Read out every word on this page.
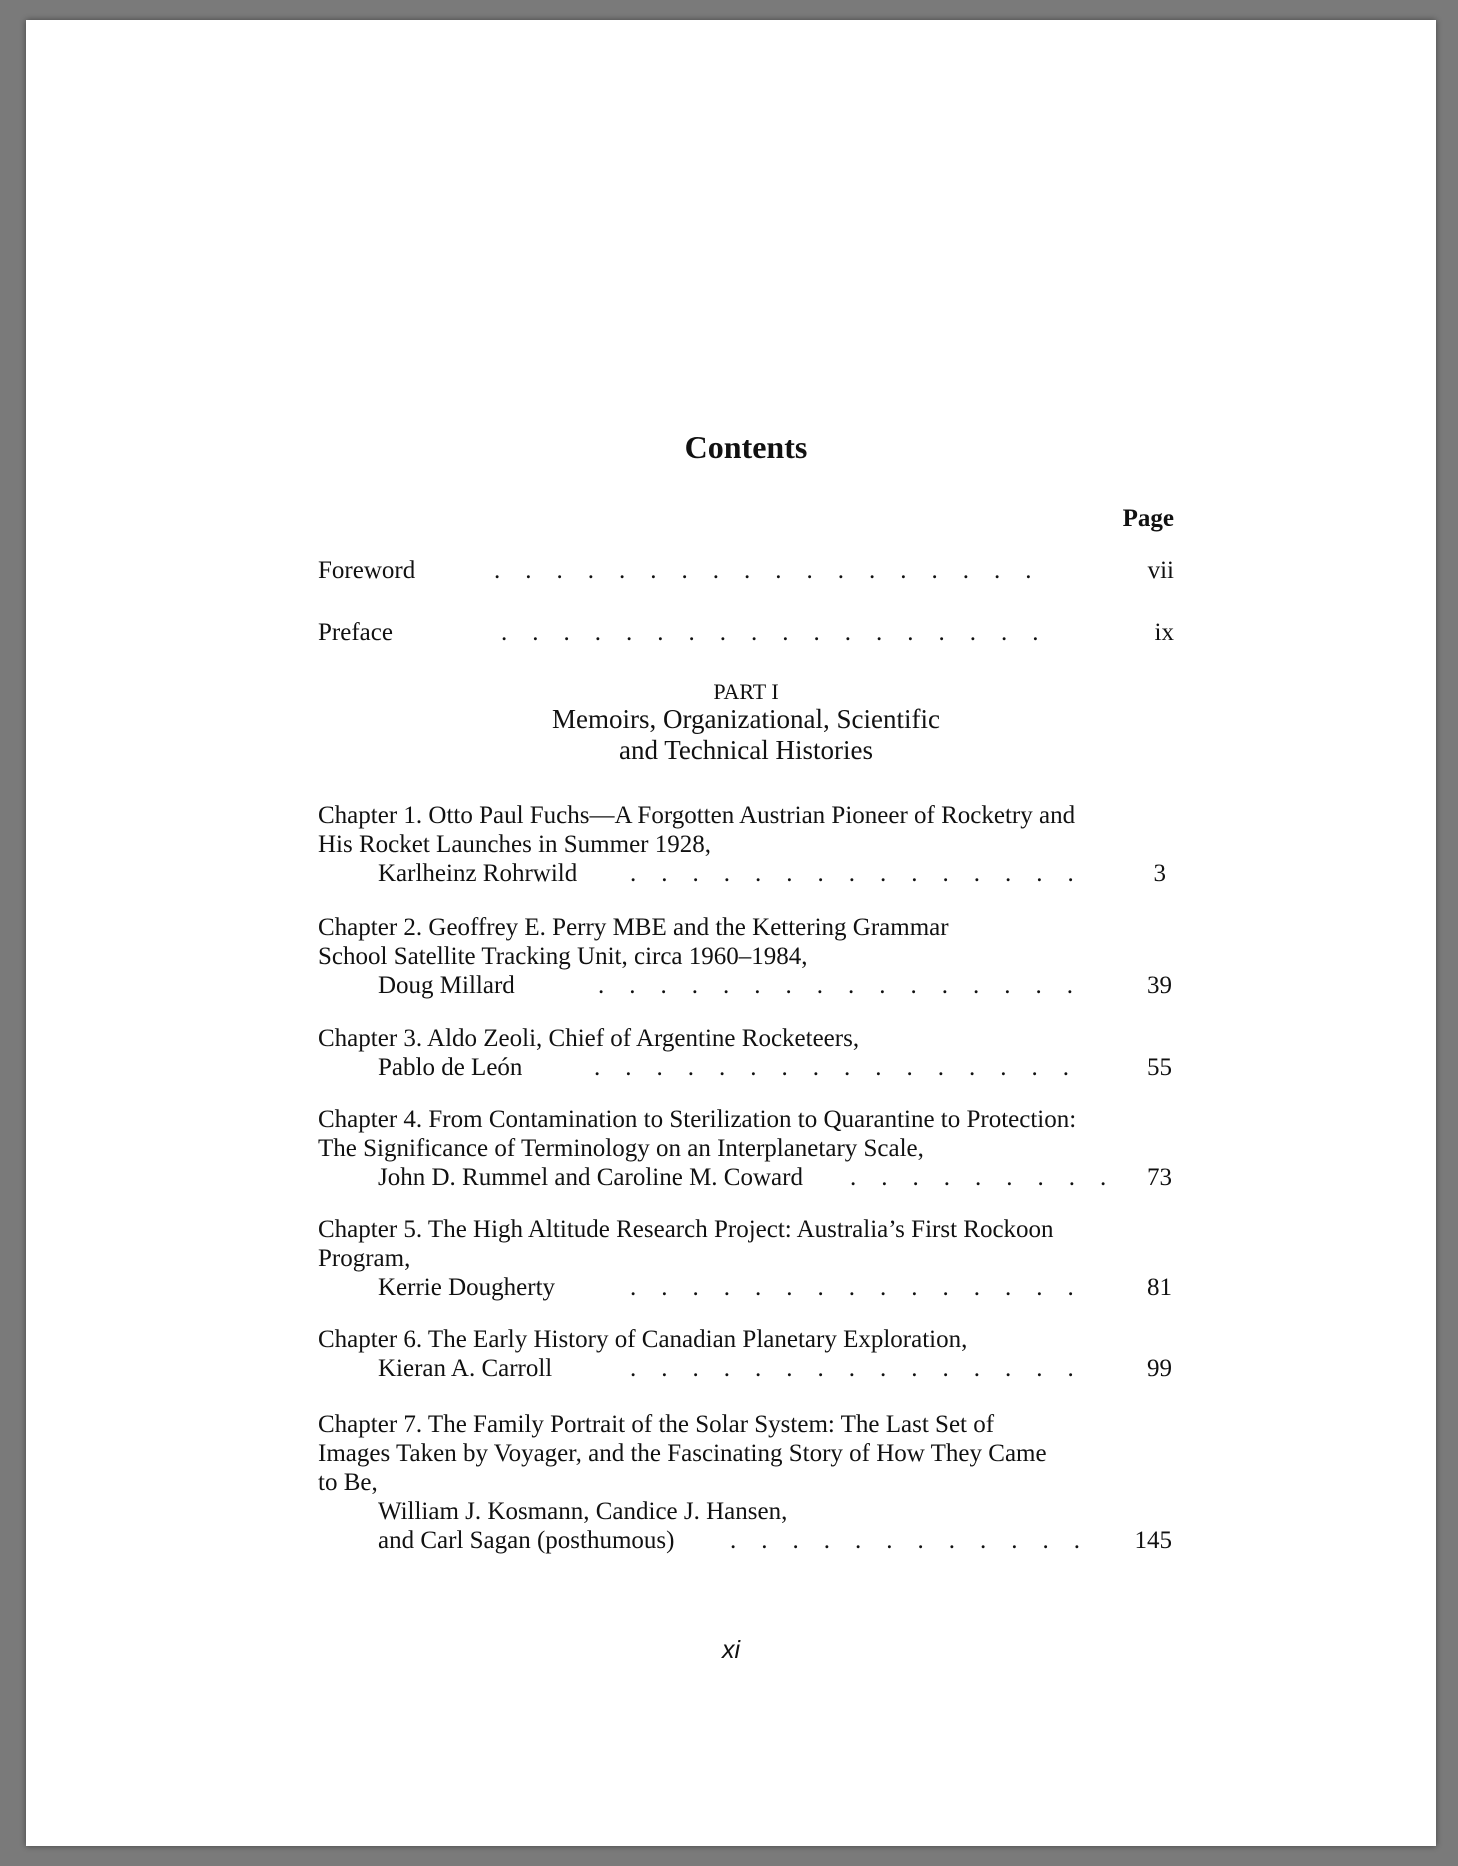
Contents
Page
Foreword	.    .    .    .    .    .    .    .    .    .    .    .    .    .    .    .    .    .	vii
Preface	.    .    .    .    .    .    .    .    .    .    .    .    .    .    .    .    .    .	ix
PART I
Memoirs, Organizational, Scientific
and Technical Histories
Chapter 1. Otto Paul Fuchs—A Forgotten Austrian Pioneer of Rocketry and
His Rocket Launches in Summer 1928,
Karlheinz Rohrwild .    .    .    .    .    .    .    .    .    .    .    .    .    .    .	3
Chapter 2. Geoffrey E. Perry MBE and the Kettering Grammar
School Satellite Tracking Unit, circa 1960–1984,
Doug Millard	.    .    .    .    .    .    .    .    .    .    .    .    .    .    .    .	39
Chapter 3. Aldo Zeoli, Chief of Argentine Rocketeers,
Pablo de León	.    .    .    .    .    .    .    .    .    .    .    .    .    .    .    .	55
Chapter 4. From Contamination to Sterilization to Quarantine to Protection:
The Significance of Terminology on an Interplanetary Scale,
John D. Rummel and Caroline M. Coward .    .    .    .    .    .    .    .    .	73
Chapter 5. The High Altitude Research Project: Australia’s First Rockoon
Program,
Kerrie Dougherty	.    .    .    .    .    .    .    .    .    .    .    .    .    .    .	81
Chapter 6. The Early History of Canadian Planetary Exploration,
Kieran A. Carroll	.    .    .    .    .    .    .    .    .    .    .    .    .    .    .	99
Chapter 7. The Family Portrait of the Solar System: The Last Set of
Images Taken by Voyager, and the Fascinating Story of How They Came
to Be,
William J. Kosmann, Candice J. Hansen,
and Carl Sagan (posthumous) .    .    .    .    .    .    .    .    .    .    .    .	145
xi
